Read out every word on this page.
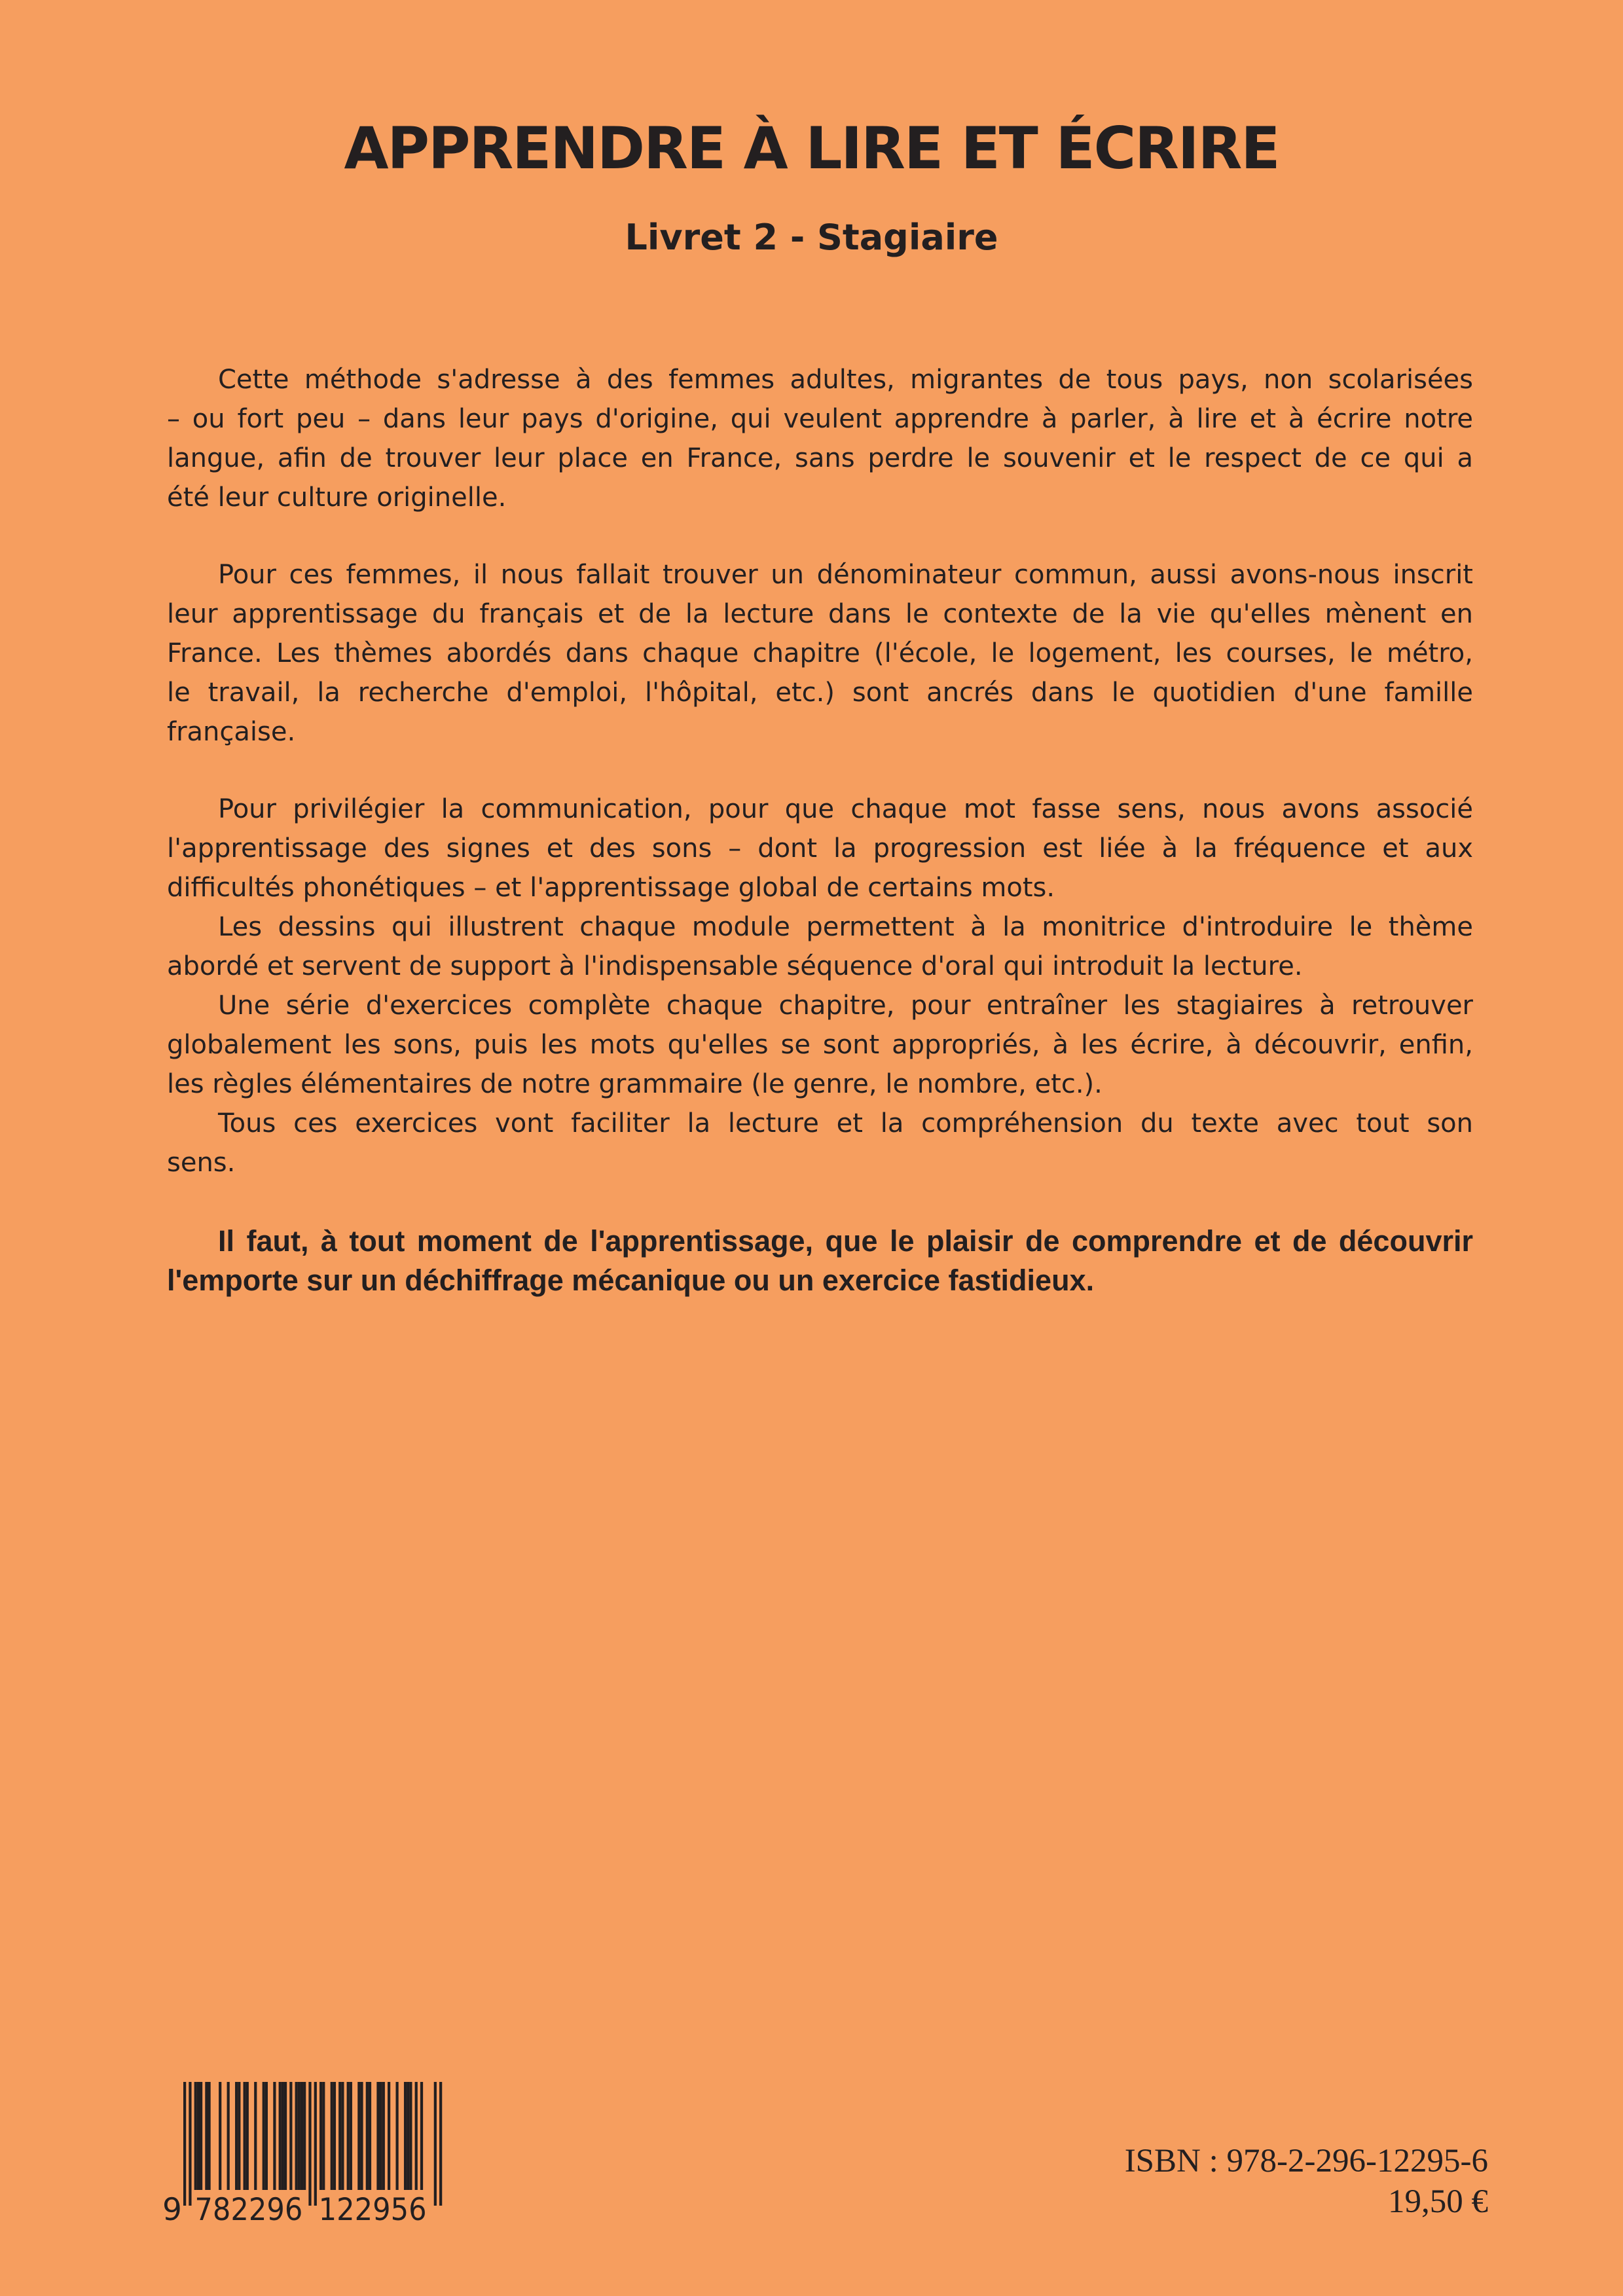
APPRENDRE À LIRE ET ÉCRIRE
Livret 2 - Stagiaire
Cette méthode s'adresse à des femmes adultes, migrantes de tous pays, non scolarisées
– ou fort peu – dans leur pays d'origine, qui veulent apprendre à parler, à lire et à écrire notre
langue, afin de trouver leur place en France, sans perdre le souvenir et le respect de ce qui a
été leur culture originelle.
Pour ces femmes, il nous fallait trouver un dénominateur commun, aussi avons-nous inscrit
leur apprentissage du français et de la lecture dans le contexte de la vie qu'elles mènent en
France. Les thèmes abordés dans chaque chapitre (l'école, le logement, les courses, le métro,
le travail, la recherche d'emploi, l'hôpital, etc.) sont ancrés dans le quotidien d'une famille
française.
Pour privilégier la communication, pour que chaque mot fasse sens, nous avons associé
l'apprentissage des signes et des sons – dont la progression est liée à la fréquence et aux
difficultés phonétiques – et l'apprentissage global de certains mots.
Les dessins qui illustrent chaque module permettent à la monitrice d'introduire le thème
abordé et servent de support à l'indispensable séquence d'oral qui introduit la lecture.
Une série d'exercices complète chaque chapitre, pour entraîner les stagiaires à retrouver
globalement les sons, puis les mots qu'elles se sont appropriés, à les écrire, à découvrir, enfin,
les règles élémentaires de notre grammaire (le genre, le nombre, etc.).
Tous ces exercices vont faciliter la lecture et la compréhension du texte avec tout son
sens.
Il faut, à tout moment de l'apprentissage, que le plaisir de comprendre et de découvrir
l'emporte sur un déchiffrage mécanique ou un exercice fastidieux.
9 782296 122956
ISBN : 978-2-296-12295-6
19,50 €
